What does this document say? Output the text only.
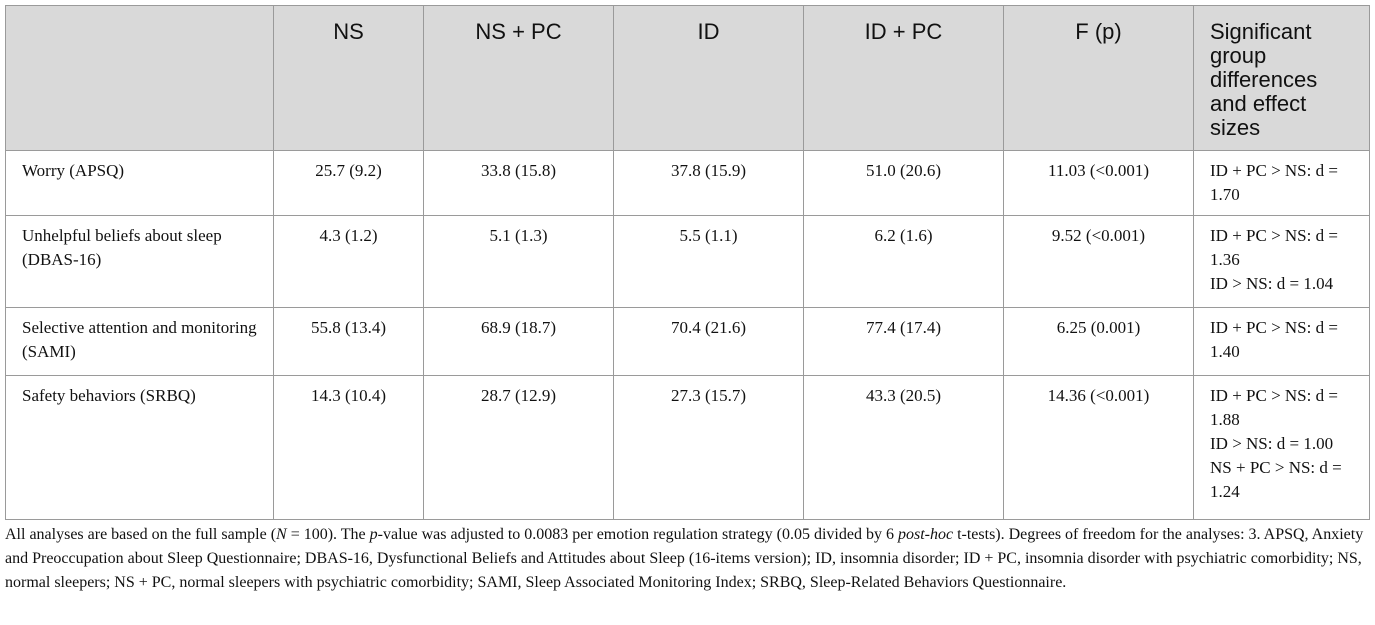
	NS	NS + PC	ID	ID + PC	F (p)	Significant group differences and effect sizes
Worry (APSQ)	25.7 (9.2)	33.8 (15.8)	37.8 (15.9)	51.0 (20.6)	11.03 (<0.001)	ID + PC > NS: d = 1.70

Unhelpful beliefs about sleep (DBAS-16)	4.3 (1.2)	5.1 (1.3)	5.5 (1.1)	6.2 (1.6)	9.52 (<0.001)	ID + PC > NS: d = 1.36
ID > NS: d = 1.04

Selective attention and monitoring (SAMI)	55.8 (13.4)	68.9 (18.7)	70.4 (21.6)	77.4 (17.4)	6.25 (0.001)	ID + PC > NS: d = 1.40

Safety behaviors (SRBQ)	14.3 (10.4)	28.7 (12.9)	27.3 (15.7)	43.3 (20.5)	14.36 (<0.001)	ID + PC > NS: d = 1.88
ID > NS: d = 1.00
NS + PC > NS: d = 1.24
All analyses are based on the full sample (N = 100). The p-value was adjusted to 0.0083 per emotion regulation strategy (0.05 divided by 6 post-hoc t-tests). Degrees of freedom for the analyses: 3. APSQ, Anxiety and Preoccupation about Sleep Questionnaire; DBAS-16, Dysfunctional Beliefs and Attitudes about Sleep (16-items version); ID, insomnia disorder; ID + PC, insomnia disorder with psychiatric comorbidity; NS, normal sleepers; NS + PC, normal sleepers with psychiatric comorbidity; SAMI, Sleep Associated Monitoring Index; SRBQ, Sleep-Related Behaviors Questionnaire.
